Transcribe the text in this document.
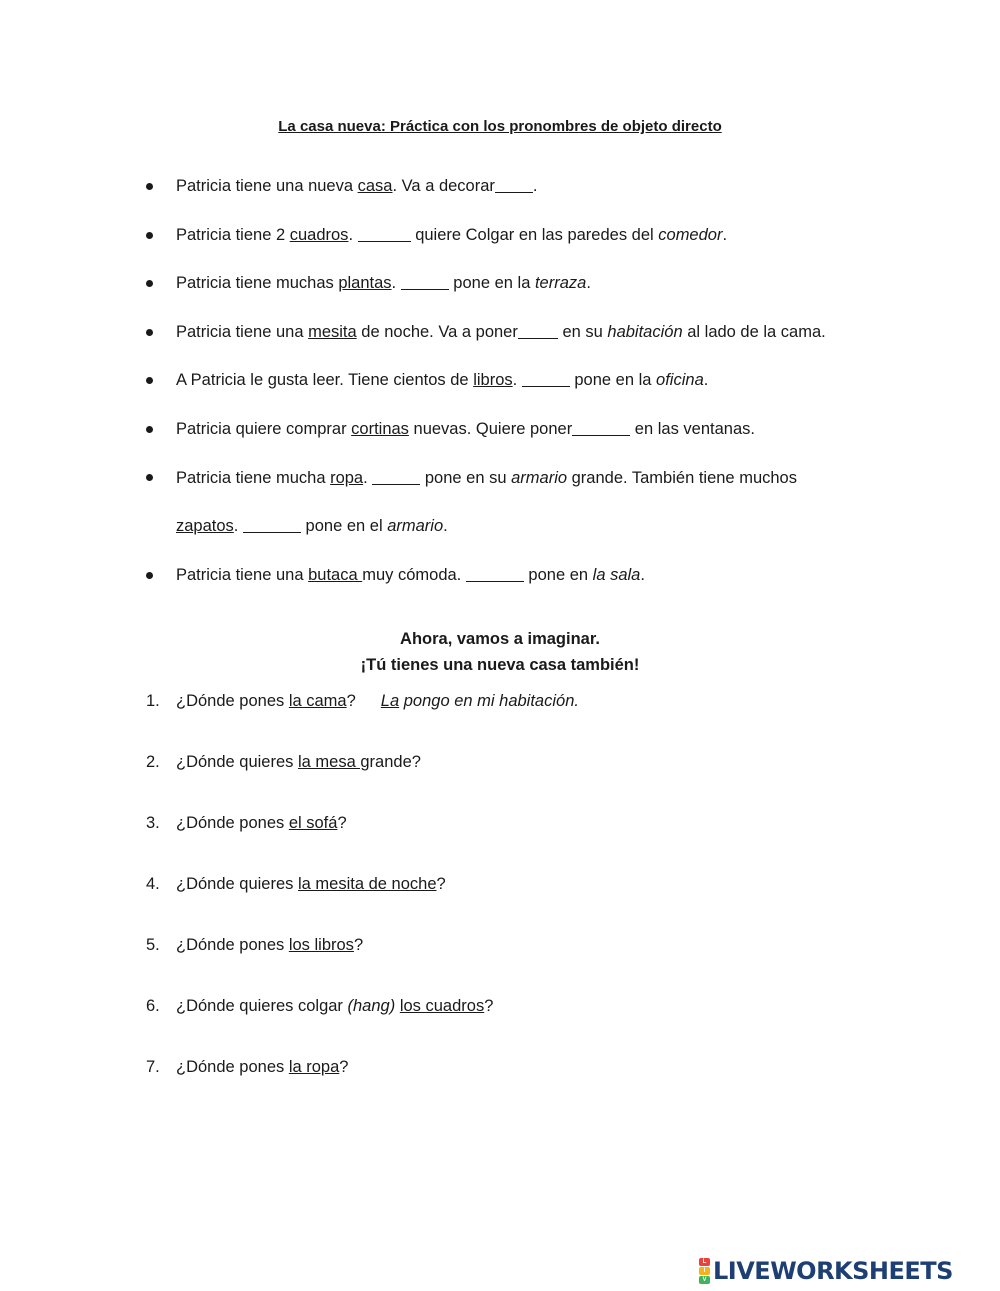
La casa nueva: Práctica con los pronombres de objeto directo
Patricia tiene una nueva casa. Va a decorar .
Patricia tiene 2 cuadros.	quiere Colgar en las paredes del comedor.
Patricia tiene muchas plantas.	pone en la terraza.
Patricia tiene una mesita de noche. Va a poner en su habitación al lado de la cama.
A Patricia le gusta leer. Tiene cientos de libros.	pone en la oficina.
Patricia quiere comprar cortinas nuevas. Quiere poner	en las ventanas.
Patricia tiene mucha ropa.	pone en su armario grande. También tiene muchos
zapatos.	pone en el armario.
Patricia tiene una butaca muy cómoda.	pone en la sala.
Ahora, vamos a imaginar.
¡Tú tienes una nueva casa también!
1. ¿Dónde pones la cama? La pongo en mi habitación.
2. ¿Dónde quieres la mesa grande?
3. ¿Dónde pones el sofá?
4. ¿Dónde quieres la mesita de noche?
5. ¿Dónde pones los libros?
6. ¿Dónde quieres colgar (hang) los cuadros?
7. ¿Dónde pones la ropa?
L
I
V LIVEWORKSHEETS
